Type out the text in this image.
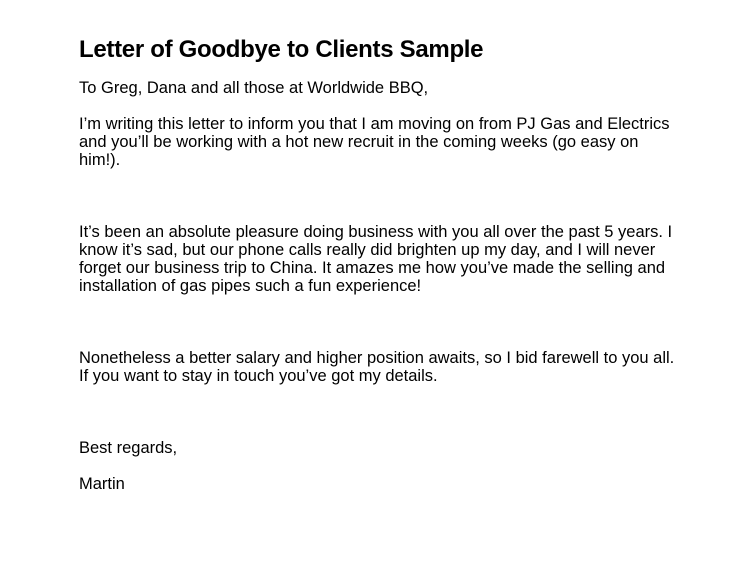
Letter of Goodbye to Clients Sample

To Greg, Dana and all those at Worldwide BBQ,

I’m writing this letter to inform you that I am moving on from PJ Gas and Electrics and you’ll be working with a hot new recruit in the coming weeks (go easy on him!).

It’s been an absolute pleasure doing business with you all over the past 5 years. I know it’s sad, but our phone calls really did brighten up my day, and I will never forget our business trip to China. It amazes me how you’ve made the selling and installation of gas pipes such a fun experience!

Nonetheless a better salary and higher position awaits, so I bid farewell to you all. If you want to stay in touch you’ve got my details.

Best regards,

Martin
